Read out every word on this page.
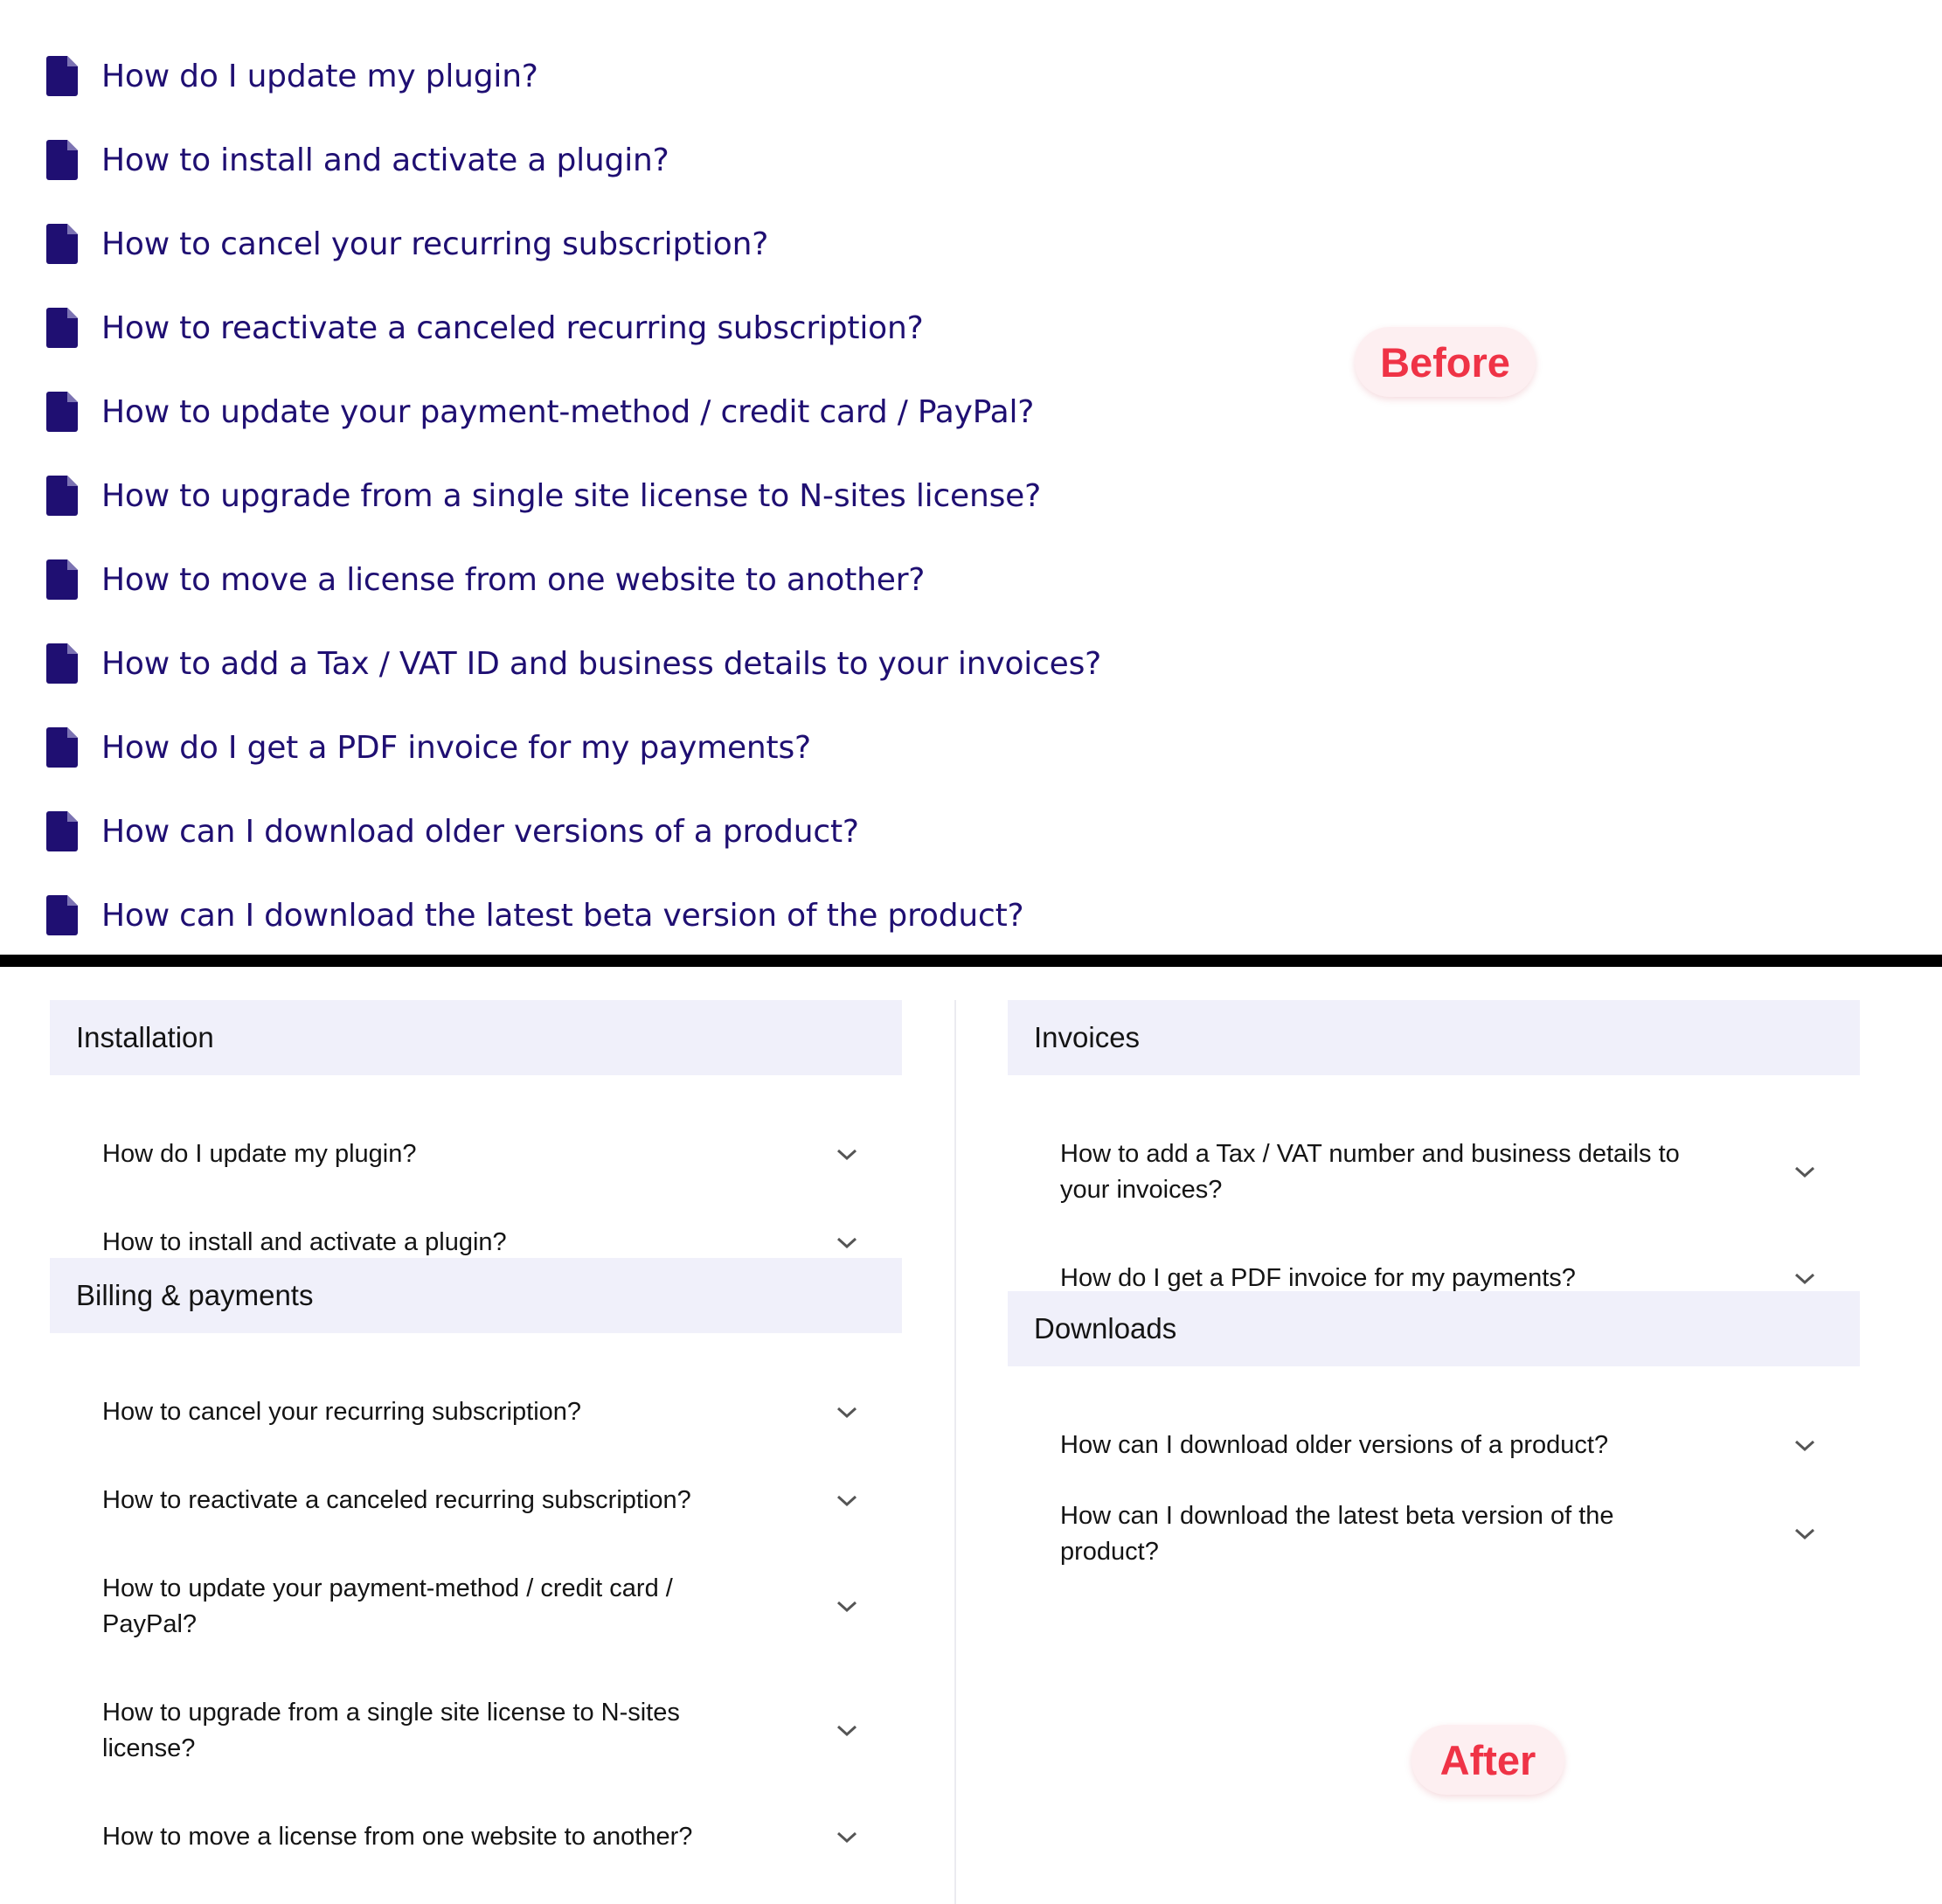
How do I update my plugin?
How to install and activate a plugin?
How to cancel your recurring subscription?
How to reactivate a canceled recurring subscription?
How to update your payment-method / credit card / PayPal?
How to upgrade from a single site license to N-sites license?
How to move a license from one website to another?
How to add a Tax / VAT ID and business details to your invoices?
How do I get a PDF invoice for my payments?
How can I download older versions of a product?
How can I download the latest beta version of the product?
Before
Installation
How do I update my plugin?
How to install and activate a plugin?
Billing & payments
How to cancel your recurring subscription?
How to reactivate a canceled recurring subscription?
How to update your payment-method / credit card / PayPal?
How to upgrade from a single site license to N-sites license?
How to move a license from one website to another?
Invoices
How to add a Tax / VAT number and business details to your invoices?
How do I get a PDF invoice for my payments?
Downloads
How can I download older versions of a product?
How can I download the latest beta version of the product?
After
